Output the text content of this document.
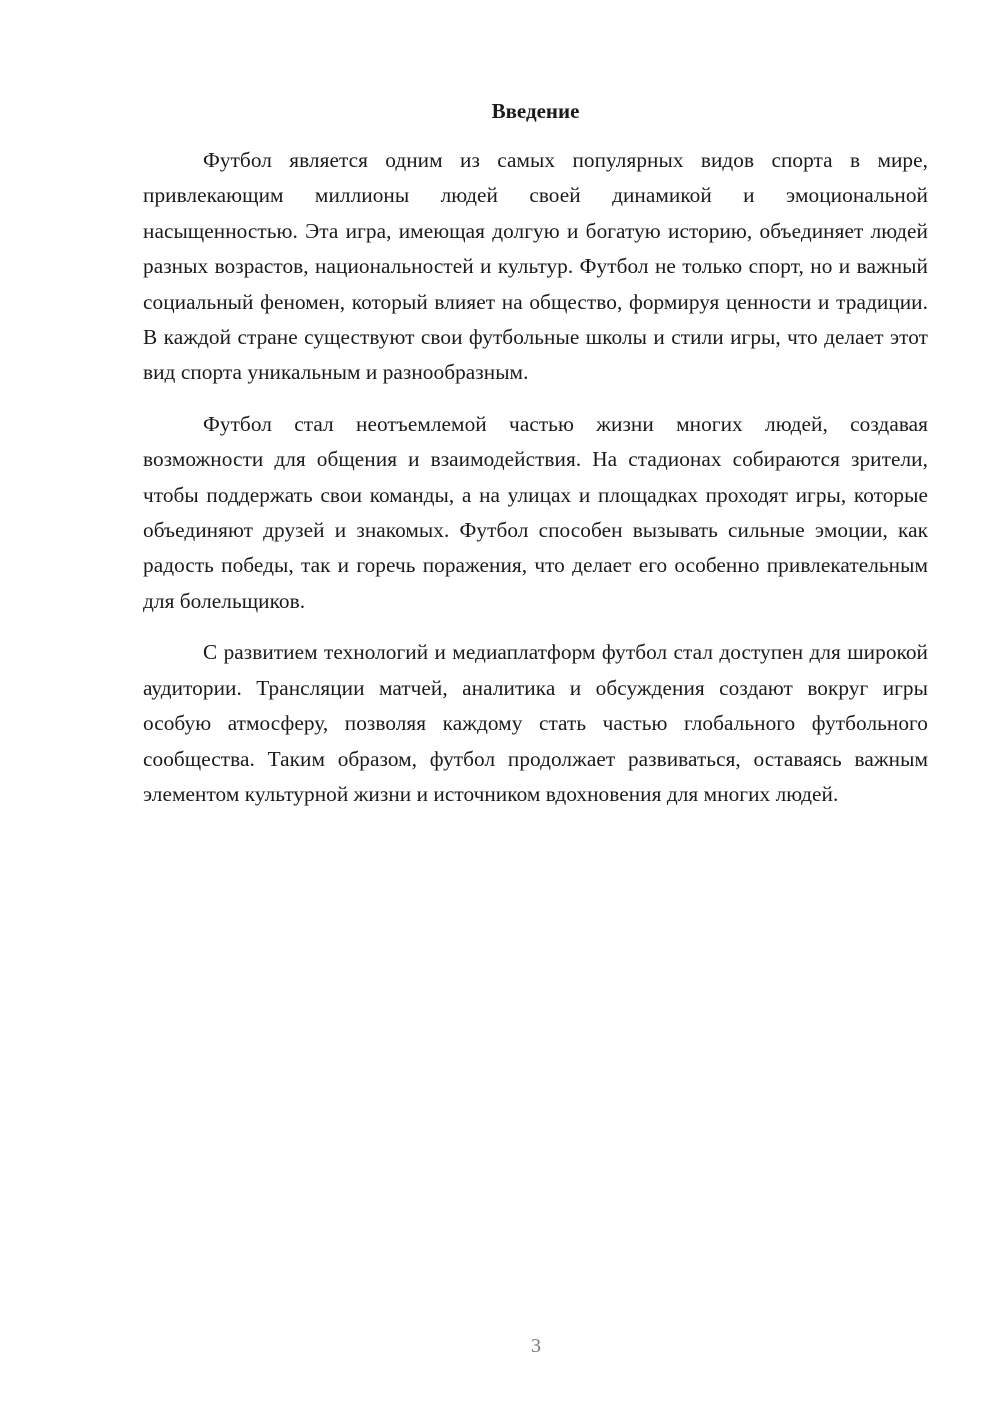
Введение

Футбол является одним из самых популярных видов спорта в мире, привлекающим миллионы людей своей динамикой и эмоциональной насыщенностью. Эта игра, имеющая долгую и богатую историю, объединяет людей разных возрастов, национальностей и культур. Футбол не только спорт, но и важный социальный феномен, который влияет на общество, формируя ценности и традиции. В каждой стране существуют свои футбольные школы и стили игры, что делает этот вид спорта уникальным и разнообразным.

Футбол стал неотъемлемой частью жизни многих людей, создавая возможности для общения и взаимодействия. На стадионах собираются зрители, чтобы поддержать свои команды, а на улицах и площадках проходят игры, которые объединяют друзей и знакомых. Футбол способен вызывать сильные эмоции, как радость победы, так и горечь поражения, что делает его особенно привлекательным для болельщиков.

С развитием технологий и медиаплатформ футбол стал доступен для широкой аудитории. Трансляции матчей, аналитика и обсуждения создают вокруг игры особую атмосферу, позволяя каждому стать частью глобального футбольного сообщества. Таким образом, футбол продолжает развиваться, оставаясь важным элементом культурной жизни и источником вдохновения для многих людей.

3
